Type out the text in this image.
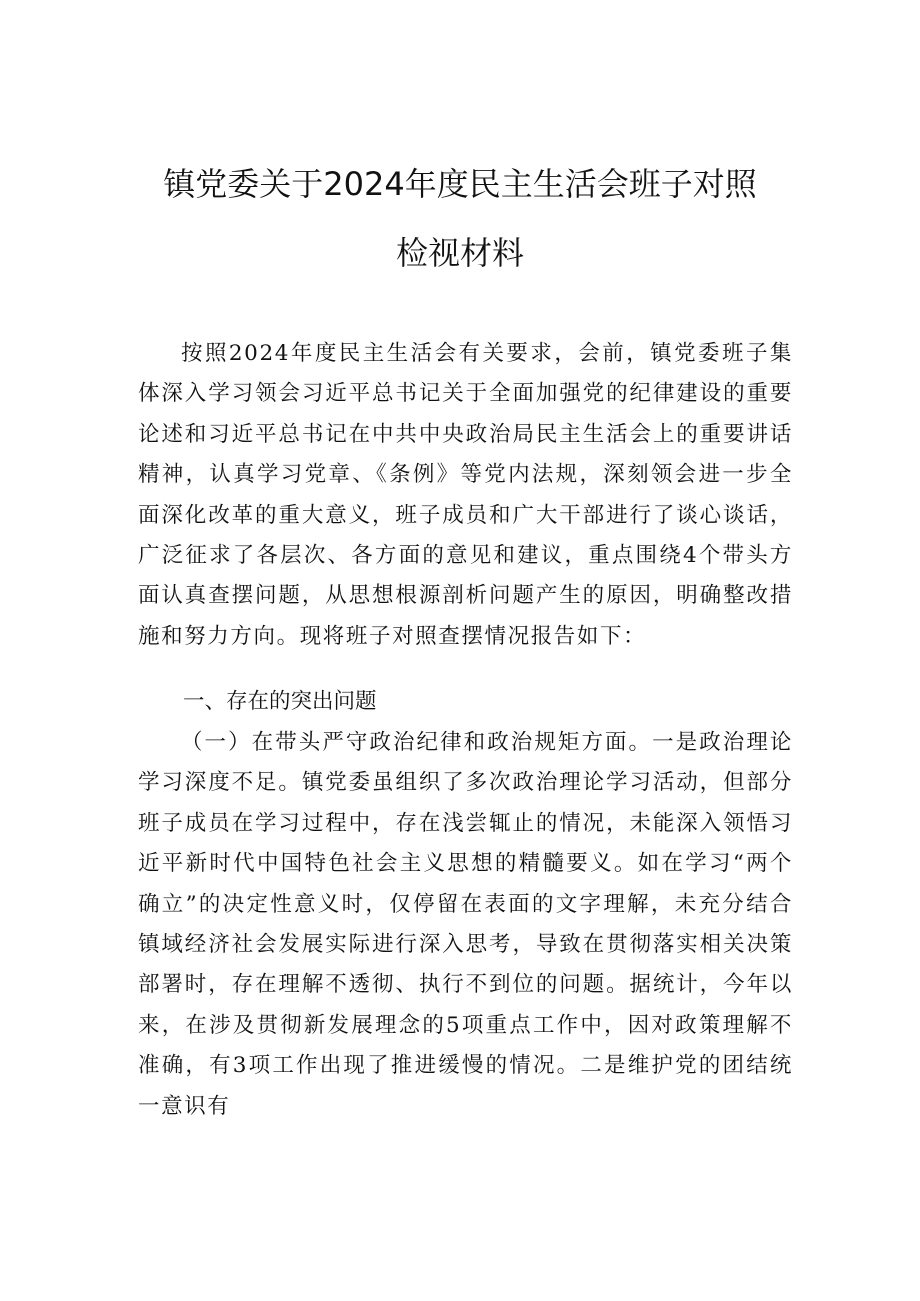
镇党委关于2024年度民主生活会班子对照
检视材料

按照2024年度民主生活会有关要求，会前，镇党委班子集体深入学习领会习近平总书记关于全面加强党的纪律建设的重要论述和习近平总书记在中共中央政治局民主生活会上的重要讲话精神，认真学习党章、《条例》等党内法规，深刻领会进一步全面深化改革的重大意义，班子成员和广大干部进行了谈心谈话，广泛征求了各层次、各方面的意见和建议，重点围绕4个带头方面认真查摆问题，从思想根源剖析问题产生的原因，明确整改措施和努力方向。现将班子对照查摆情况报告如下：

一、存在的突出问题

（一）在带头严守政治纪律和政治规矩方面。一是政治理论学习深度不足。镇党委虽组织了多次政治理论学习活动，但部分班子成员在学习过程中，存在浅尝辄止的情况，未能深入领悟习近平新时代中国特色社会主义思想的精髓要义。如在学习“两个确立”的决定性意义时，仅停留在表面的文字理解，未充分结合镇域经济社会发展实际进行深入思考，导致在贯彻落实相关决策部署时，存在理解不透彻、执行不到位的问题。据统计，今年以来，在涉及贯彻新发展理念的5项重点工作中，因对政策理解不准确，有3项工作出现了推进缓慢的情况。二是维护党的团结统一意识有
